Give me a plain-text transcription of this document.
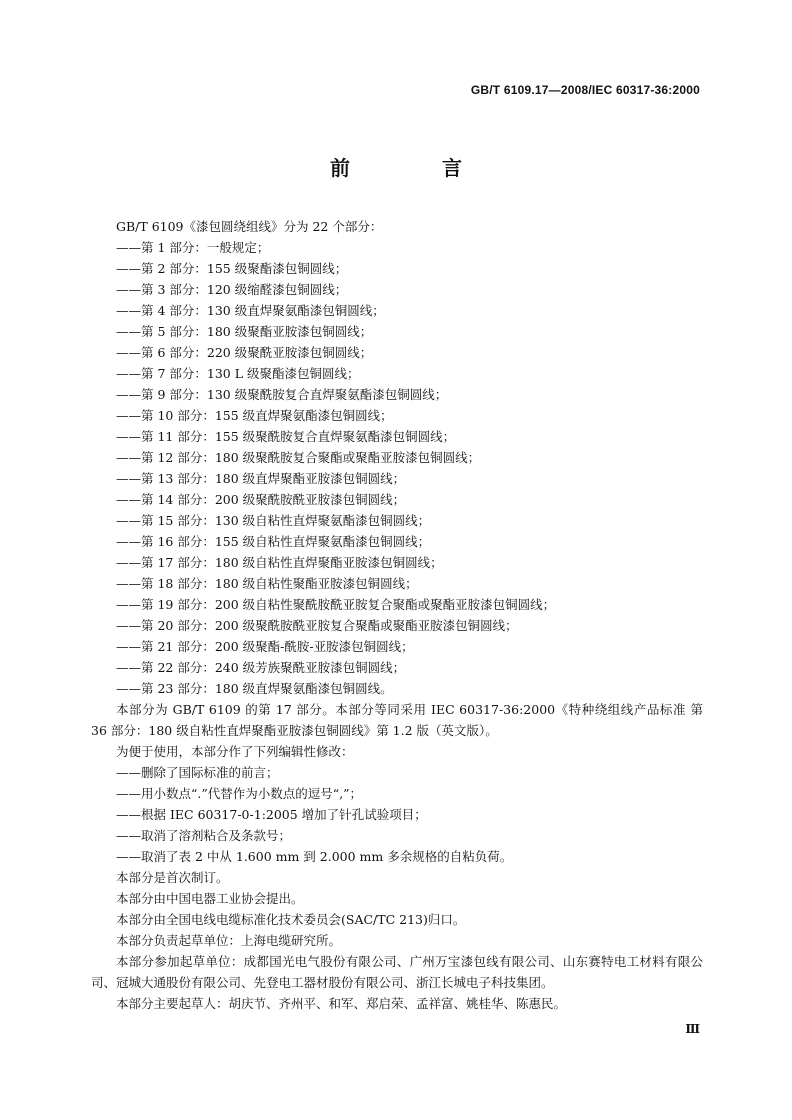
GB/T 6109.17—2008/IEC 60317-36:2000
前　言
GB/T 6109《漆包圆绕组线》分为 22 个部分：
——第 1 部分：一般规定；
——第 2 部分：155 级聚酯漆包铜圆线；
——第 3 部分：120 级缩醛漆包铜圆线；
——第 4 部分：130 级直焊聚氨酯漆包铜圆线；
——第 5 部分：180 级聚酯亚胺漆包铜圆线；
——第 6 部分：220 级聚酰亚胺漆包铜圆线；
——第 7 部分：130 L 级聚酯漆包铜圆线；
——第 9 部分：130 级聚酰胺复合直焊聚氨酯漆包铜圆线；
——第 10 部分：155 级直焊聚氨酯漆包铜圆线；
——第 11 部分：155 级聚酰胺复合直焊聚氨酯漆包铜圆线；
——第 12 部分：180 级聚酰胺复合聚酯或聚酯亚胺漆包铜圆线；
——第 13 部分：180 级直焊聚酯亚胺漆包铜圆线；
——第 14 部分：200 级聚酰胺酰亚胺漆包铜圆线；
——第 15 部分：130 级自粘性直焊聚氨酯漆包铜圆线；
——第 16 部分：155 级自粘性直焊聚氨酯漆包铜圆线；
——第 17 部分：180 级自粘性直焊聚酯亚胺漆包铜圆线；
——第 18 部分：180 级自粘性聚酯亚胺漆包铜圆线；
——第 19 部分：200 级自粘性聚酰胺酰亚胺复合聚酯或聚酯亚胺漆包铜圆线；
——第 20 部分：200 级聚酰胺酰亚胺复合聚酯或聚酯亚胺漆包铜圆线；
——第 21 部分：200 级聚酯-酰胺-亚胺漆包铜圆线；
——第 22 部分：240 级芳族聚酰亚胺漆包铜圆线；
——第 23 部分：180 级直焊聚氨酯漆包铜圆线。
本部分为 GB/T 6109 的第 17 部分。本部分等同采用 IEC 60317-36:2000《特种绕组线产品标准 第 36 部分：180 级自粘性直焊聚酯亚胺漆包铜圆线》第 1.2 版（英文版）。
为便于使用，本部分作了下列编辑性修改：
——删除了国际标准的前言；
——用小数点“.”代替作为小数点的逗号“,”；
——根据 IEC 60317-0-1:2005 增加了针孔试验项目；
——取消了溶剂粘合及条款号；
——取消了表 2 中从 1.600 mm 到 2.000 mm 多余规格的自粘负荷。
本部分是首次制订。
本部分由中国电器工业协会提出。
本部分由全国电线电缆标准化技术委员会(SAC/TC 213)归口。
本部分负责起草单位：上海电缆研究所。
本部分参加起草单位：成都国光电气股份有限公司、广州万宝漆包线有限公司、山东赛特电工材料有限公司、冠城大通股份有限公司、先登电工器材股份有限公司、浙江长城电子科技集团。
本部分主要起草人：胡庆节、齐州平、和军、郑启荣、孟祥富、姚桂华、陈惠民。
Ⅲ
